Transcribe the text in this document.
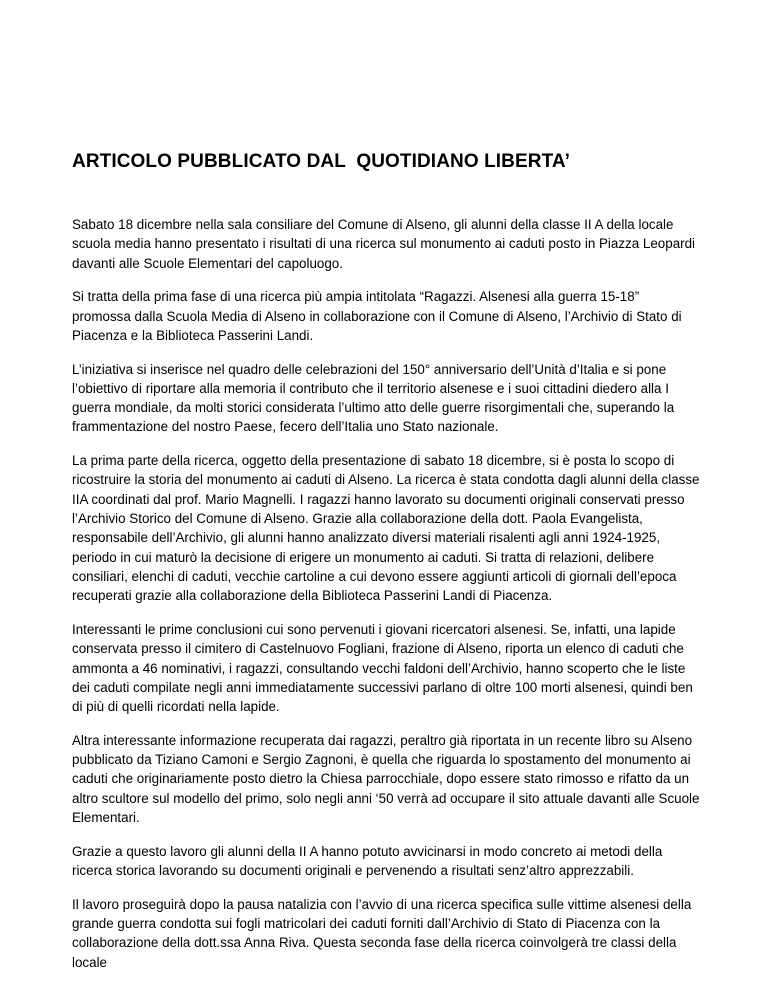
ARTICOLO PUBBLICATO DAL  QUOTIDIANO LIBERTA’

Sabato 18 dicembre nella sala consiliare del Comune di Alseno, gli alunni della classe II A della locale scuola media hanno presentato i risultati di una ricerca sul monumento ai caduti posto in Piazza Leopardi davanti alle Scuole Elementari del capoluogo.

Si tratta della prima fase di una ricerca più ampia intitolata “Ragazzi. Alsenesi alla guerra 15-18” promossa dalla Scuola Media di Alseno in collaborazione con il Comune di Alseno, l’Archivio di Stato di Piacenza e la Biblioteca Passerini Landi.

L’iniziativa si inserisce nel quadro delle celebrazioni del 150° anniversario dell’Unità d’Italia e si pone l’obiettivo di riportare alla memoria il contributo che il territorio alsenese e i suoi cittadini diedero alla I guerra mondiale, da molti storici considerata l’ultimo atto delle guerre risorgimentali che, superando la frammentazione del nostro Paese, fecero dell’Italia uno Stato nazionale.

La prima parte della ricerca, oggetto della presentazione di sabato 18 dicembre, si è posta lo scopo di ricostruire la storia del monumento ai caduti di Alseno. La ricerca è stata condotta dagli alunni della classe IIA coordinati dal prof. Mario Magnelli. I ragazzi hanno lavorato su documenti originali conservati presso l’Archivio Storico del Comune di Alseno. Grazie alla collaborazione della dott. Paola Evangelista, responsabile dell’Archivio, gli alunni hanno analizzato diversi materiali risalenti agli anni 1924-1925, periodo in cui maturò la decisione di erigere un monumento ai caduti. Si tratta di relazioni, delibere consiliari, elenchi di caduti, vecchie cartoline a cui devono essere aggiunti articoli di giornali dell’epoca recuperati grazie alla collaborazione della Biblioteca Passerini Landi di Piacenza.

Interessanti le prime conclusioni cui sono pervenuti i giovani ricercatori alsenesi. Se, infatti, una lapide conservata presso il cimitero di Castelnuovo Fogliani, frazione di Alseno, riporta un elenco di caduti che ammonta a 46 nominativi, i ragazzi, consultando vecchi faldoni dell’Archivio, hanno scoperto che le liste dei caduti compilate negli anni immediatamente successivi parlano di oltre 100 morti alsenesi, quindi ben di più di quelli ricordati nella lapide.

Altra interessante informazione recuperata dai ragazzi, peraltro già riportata in un recente libro su Alseno pubblicato da Tiziano Camoni e Sergio Zagnoni, è quella che riguarda lo spostamento del monumento ai caduti che originariamente posto dietro la Chiesa parrocchiale, dopo essere stato rimosso e rifatto da un altro scultore sul modello del primo, solo negli anni ‘50 verrà ad occupare il sito attuale davanti alle Scuole Elementari.

Grazie a questo lavoro gli alunni della II A hanno potuto avvicinarsi in modo concreto ai metodi della ricerca storica lavorando su documenti originali e pervenendo a risultati senz’altro apprezzabili.

Il lavoro proseguirà dopo la pausa natalizia con l’avvio di una ricerca specifica sulle vittime alsenesi della grande guerra condotta sui fogli matricolari dei caduti forniti dall’Archivio di Stato di Piacenza con la collaborazione della dott.ssa Anna Riva. Questa seconda fase della ricerca coinvolgerà tre classi della locale
